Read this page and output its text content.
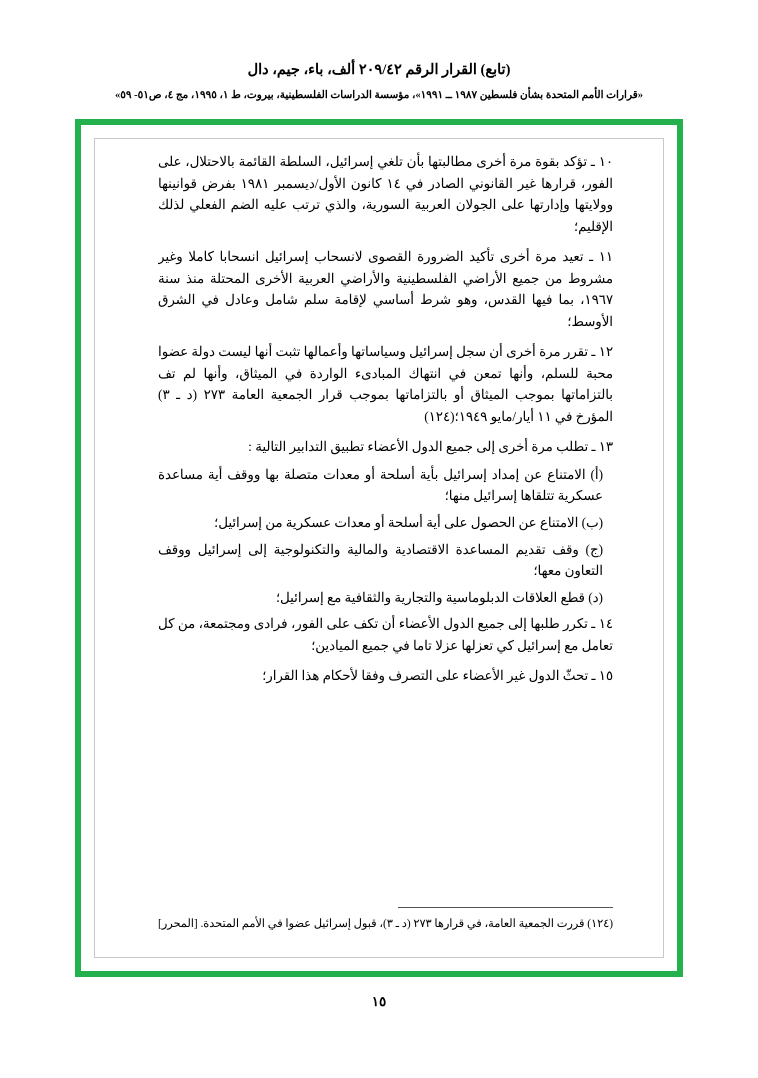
(تابع) القرار الرقم ٢٠٩/٤٢ ألف، باء، جيم، دال
«قرارات الأمم المتحدة بشأن فلسطين ١٩٨٧ ــ ١٩٩١»، مؤسسة الدراسات الفلسطينية، بيروت، ط ١، ١٩٩٥، مج ٤، ص٥١- ٥٩»

١٠ ـ تؤكد بقوة مرة أخرى مطالبتها بأن تلغي إسرائيل، السلطة القائمة بالاحتلال، على الفور، قرارها غير القانوني الصادر في ١٤ كانون الأول/ديسمبر ١٩٨١ بفرض قوانينها وولايتها وإدارتها على الجولان العربية السورية، والذي ترتب عليه الضم الفعلي لذلك الإقليم؛

١١ ـ تعيد مرة أخرى تأكيد الضرورة القصوى لانسحاب إسرائيل انسحابا كاملا وغير مشروط من جميع الأراضي الفلسطينية والأراضي العربية الأخرى المحتلة منذ سنة ١٩٦٧، بما فيها القدس، وهو شرط أساسي لإقامة سلم شامل وعادل في الشرق الأوسط؛

١٢ ـ تقرر مرة أخرى أن سجل إسرائيل وسياساتها وأعمالها تثبت أنها ليست دولة عضوا محبة للسلم، وأنها تمعن في انتهاك المبادىء الواردة في الميثاق، وأنها لم تف بالتزاماتها بموجب الميثاق أو بالتزاماتها بموجب قرار الجمعية العامة ٢٧٣ (د ـ ٣) المؤرخ في ١١ أيار/مايو ١٩٤٩؛(١٢٤)

١٣ ـ تطلب مرة أخرى إلى جميع الدول الأعضاء تطبيق التدابير التالية :

(أ) الامتناع عن إمداد إسرائيل بأية أسلحة أو معدات متصلة بها ووقف أية مساعدة عسكرية تتلقاها إسرائيل منها؛

(ب) الامتناع عن الحصول على أية أسلحة أو معدات عسكرية من إسرائيل؛

(ج) وقف تقديم المساعدة الاقتصادية والمالية والتكنولوجية إلى إسرائيل ووقف التعاون معها؛

(د) قطع العلاقات الدبلوماسية والتجارية والثقافية مع إسرائيل؛

١٤ ـ تكرر طلبها إلى جميع الدول الأعضاء أن تكف على الفور، فرادى ومجتمعة، من كل تعامل مع إسرائيل كي تعزلها عزلا تاما في جميع الميادين؛

١٥ ـ تحثّ الدول غير الأعضاء على التصرف وفقا لأحكام هذا القرار؛

(١٢٤) قررت الجمعية العامة، في قرارها ٢٧٣ (د ـ ٣)، قبول إسرائيل عضوا في الأمم المتحدة. [المحرر]

١٥
